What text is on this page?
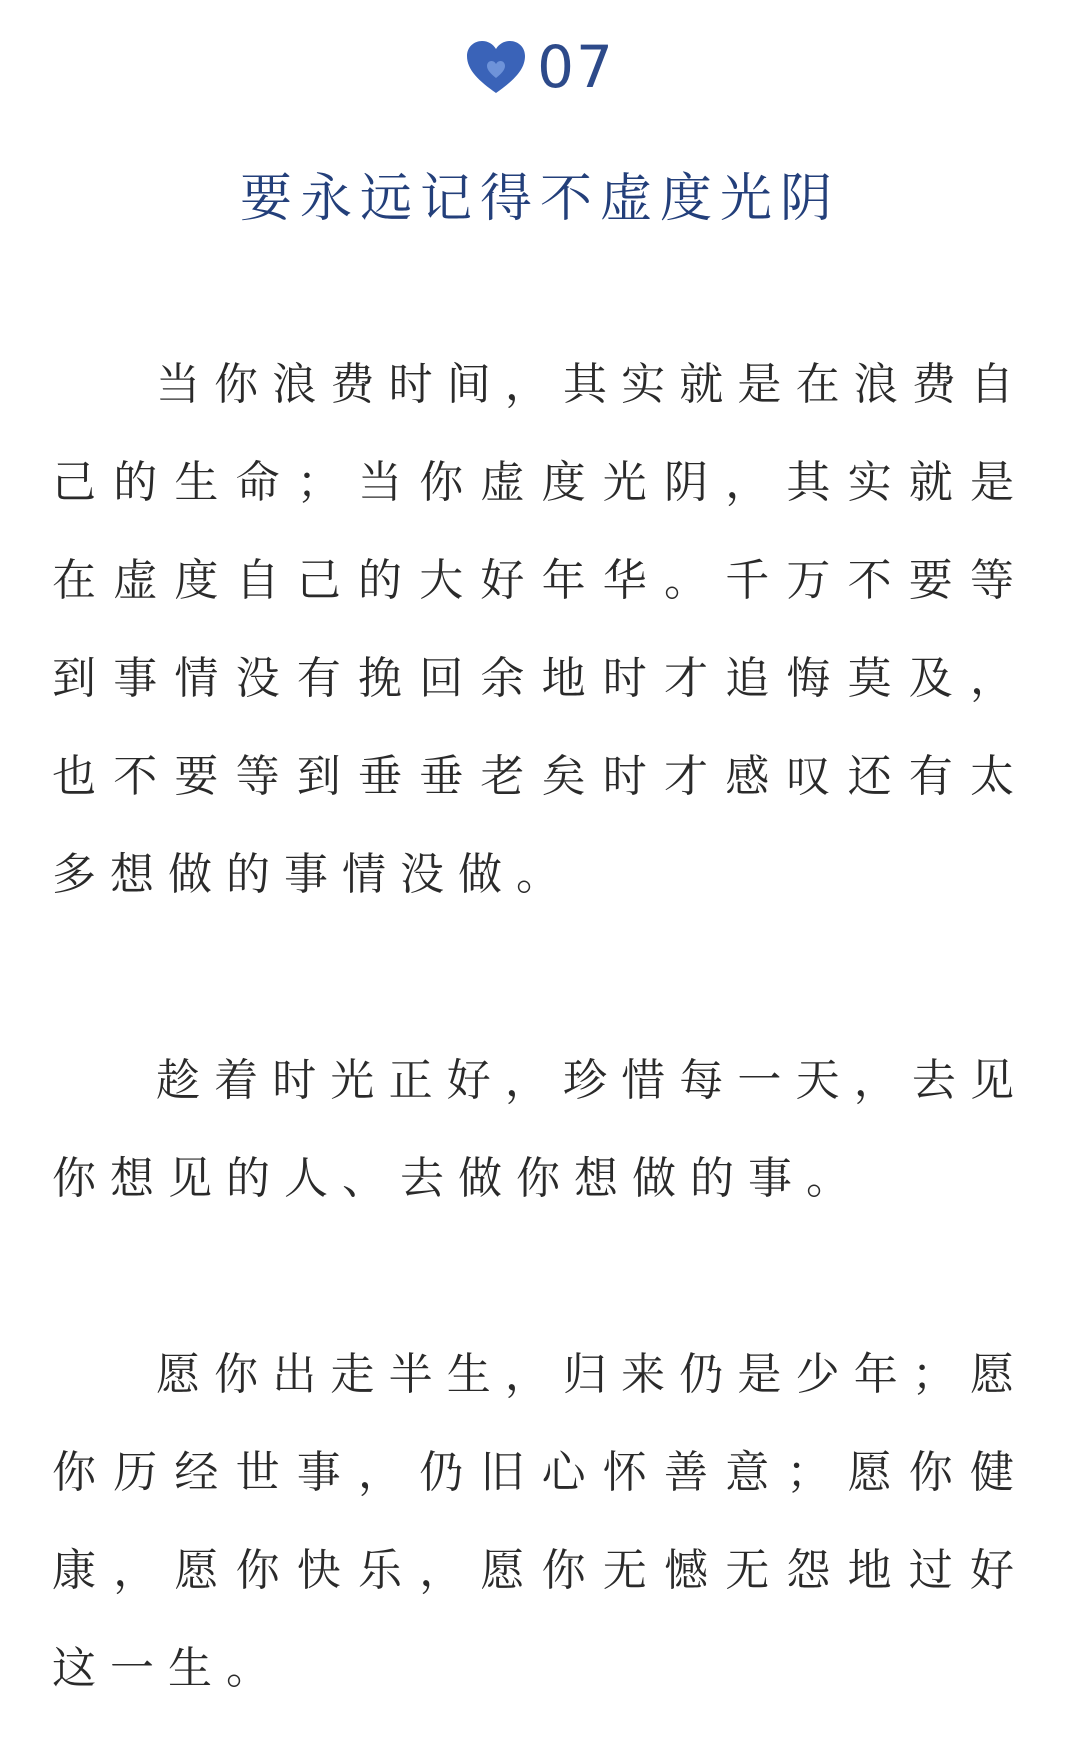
07
要永远记得不虚度光阴

当你浪费时间，其实就是在浪费自己的生命；当你虚度光阴，其实就是在虚度自己的大好年华。千万不要等到事情没有挽回余地时才追悔莫及，也不要等到垂垂老矣时才感叹还有太多想做的事情没做。

趁着时光正好，珍惜每一天，去见你想见的人、去做你想做的事。

愿你出走半生，归来仍是少年；愿你历经世事，仍旧心怀善意；愿你健康，愿你快乐，愿你无憾无怨地过好这一生。
